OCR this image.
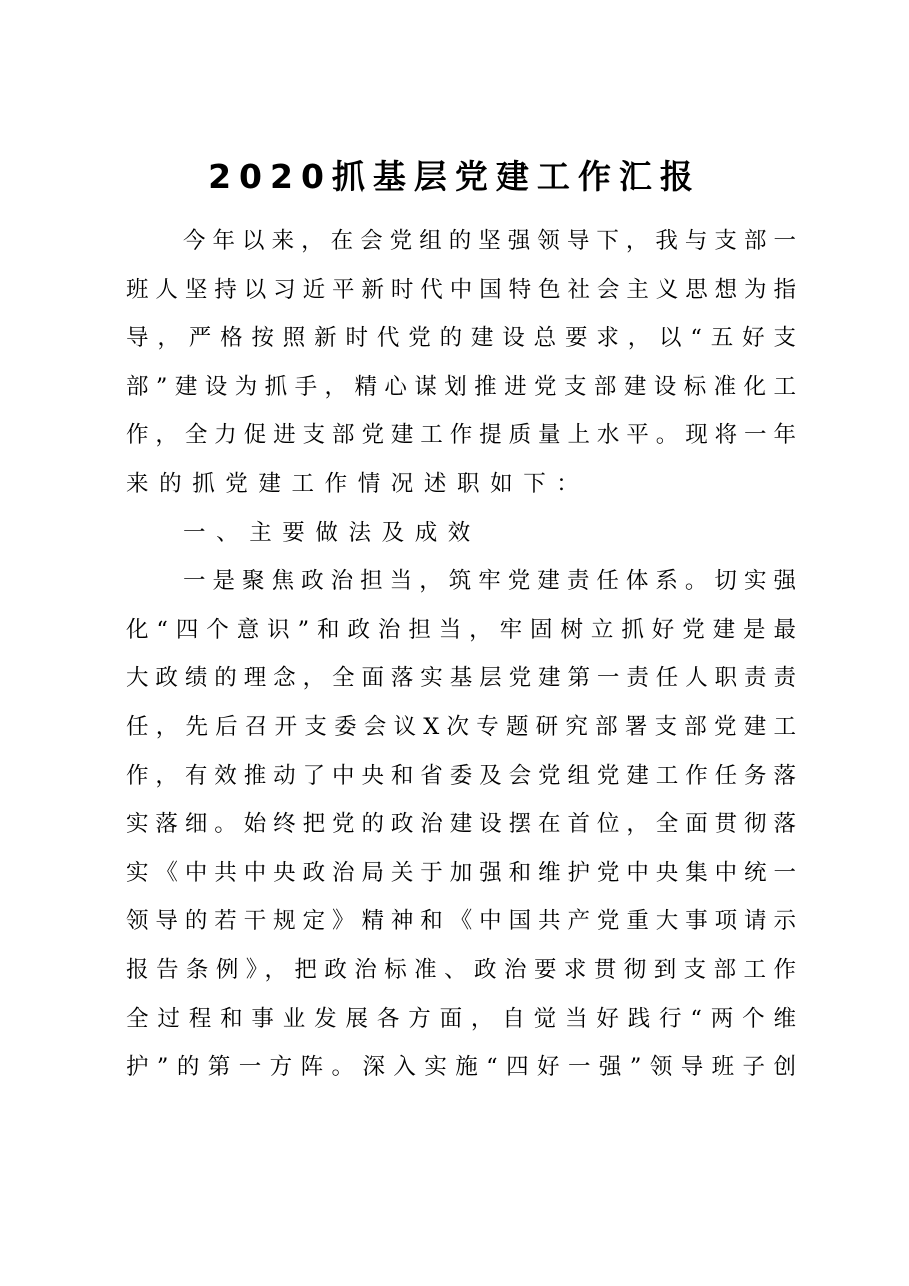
2020抓基层党建工作汇报
今年以来，在会党组的坚强领导下，我与支部一
班人坚持以习近平新时代中国特色社会主义思想为指
导，严格按照新时代党的建设总要求，以“五好支
部”建设为抓手，精心谋划推进党支部建设标准化工
作，全力促进支部党建工作提质量上水平。现将一年
来的抓党建工作情况述职如下：
一、主要做法及成效
一是聚焦政治担当，筑牢党建责任体系。切实强
化“四个意识”和政治担当，牢固树立抓好党建是最
大政绩的理念，全面落实基层党建第一责任人职责责
任，先后召开支委会议X次专题研究部署支部党建工
作，有效推动了中央和省委及会党组党建工作任务落
实落细。始终把党的政治建设摆在首位，全面贯彻落
实《中共中央政治局关于加强和维护党中央集中统一
领导的若干规定》精神和《中国共产党重大事项请示
报告条例》，把政治标准、政治要求贯彻到支部工作
全过程和事业发展各方面，自觉当好践行“两个维
护”的第一方阵。深入实施“四好一强”领导班子创
